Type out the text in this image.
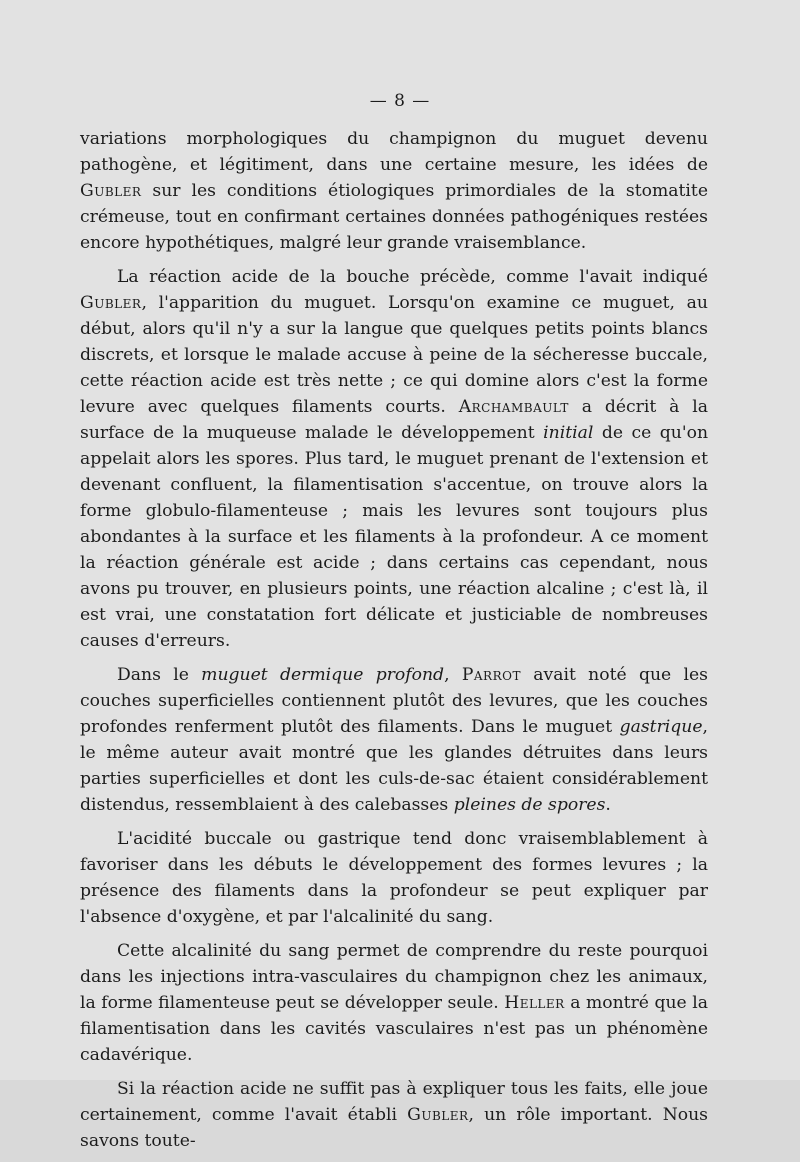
— 8 —

variations morphologiques du champignon du muguet devenu pathogène, et légitiment, dans une certaine mesure, les idées de Gubler sur les conditions étiologiques primordiales de la stomatite crémeuse, tout en confirmant certaines données pathogéniques restées encore hypothétiques, malgré leur grande vraisemblance.

La réaction acide de la bouche précède, comme l'avait indiqué Gubler, l'apparition du muguet. Lorsqu'on examine ce muguet, au début, alors qu'il n'y a sur la langue que quelques petits points blancs discrets, et lorsque le malade accuse à peine de la sécheresse buccale, cette réaction acide est très nette ; ce qui domine alors c'est la forme levure avec quelques filaments courts. Archambault a décrit à la surface de la muqueuse malade le développement initial de ce qu'on appelait alors les spores. Plus tard, le muguet prenant de l'extension et devenant confluent, la filamentisation s'accentue, on trouve alors la forme globulo-filamenteuse ; mais les levures sont toujours plus abondantes à la surface et les filaments à la profondeur. A ce moment la réaction générale est acide ; dans certains cas cependant, nous avons pu trouver, en plusieurs points, une réaction alcaline ; c'est là, il est vrai, une constatation fort délicate et justiciable de nombreuses causes d'erreurs.

Dans le muguet dermique profond, Parrot avait noté que les couches superficielles contiennent plutôt des levures, que les couches profondes renferment plutôt des filaments. Dans le muguet gastrique, le même auteur avait montré que les glandes détruites dans leurs parties superficielles et dont les culs-de-sac étaient considérablement distendus, ressemblaient à des calebasses pleines de spores.

L'acidité buccale ou gastrique tend donc vraisemblablement à favoriser dans les débuts le développement des formes levures ; la présence des filaments dans la profondeur se peut expliquer par l'absence d'oxygène, et par l'alcalinité du sang.

Cette alcalinité du sang permet de comprendre du reste pourquoi dans les injections intra-vasculaires du champignon chez les animaux, la forme filamenteuse peut se développer seule. Heller a montré que la filamentisation dans les cavités vasculaires n'est pas un phénomène cadavérique.

Si la réaction acide ne suffit pas à expliquer tous les faits, elle joue certainement, comme l'avait établi Gubler, un rôle important. Nous savons toute-
